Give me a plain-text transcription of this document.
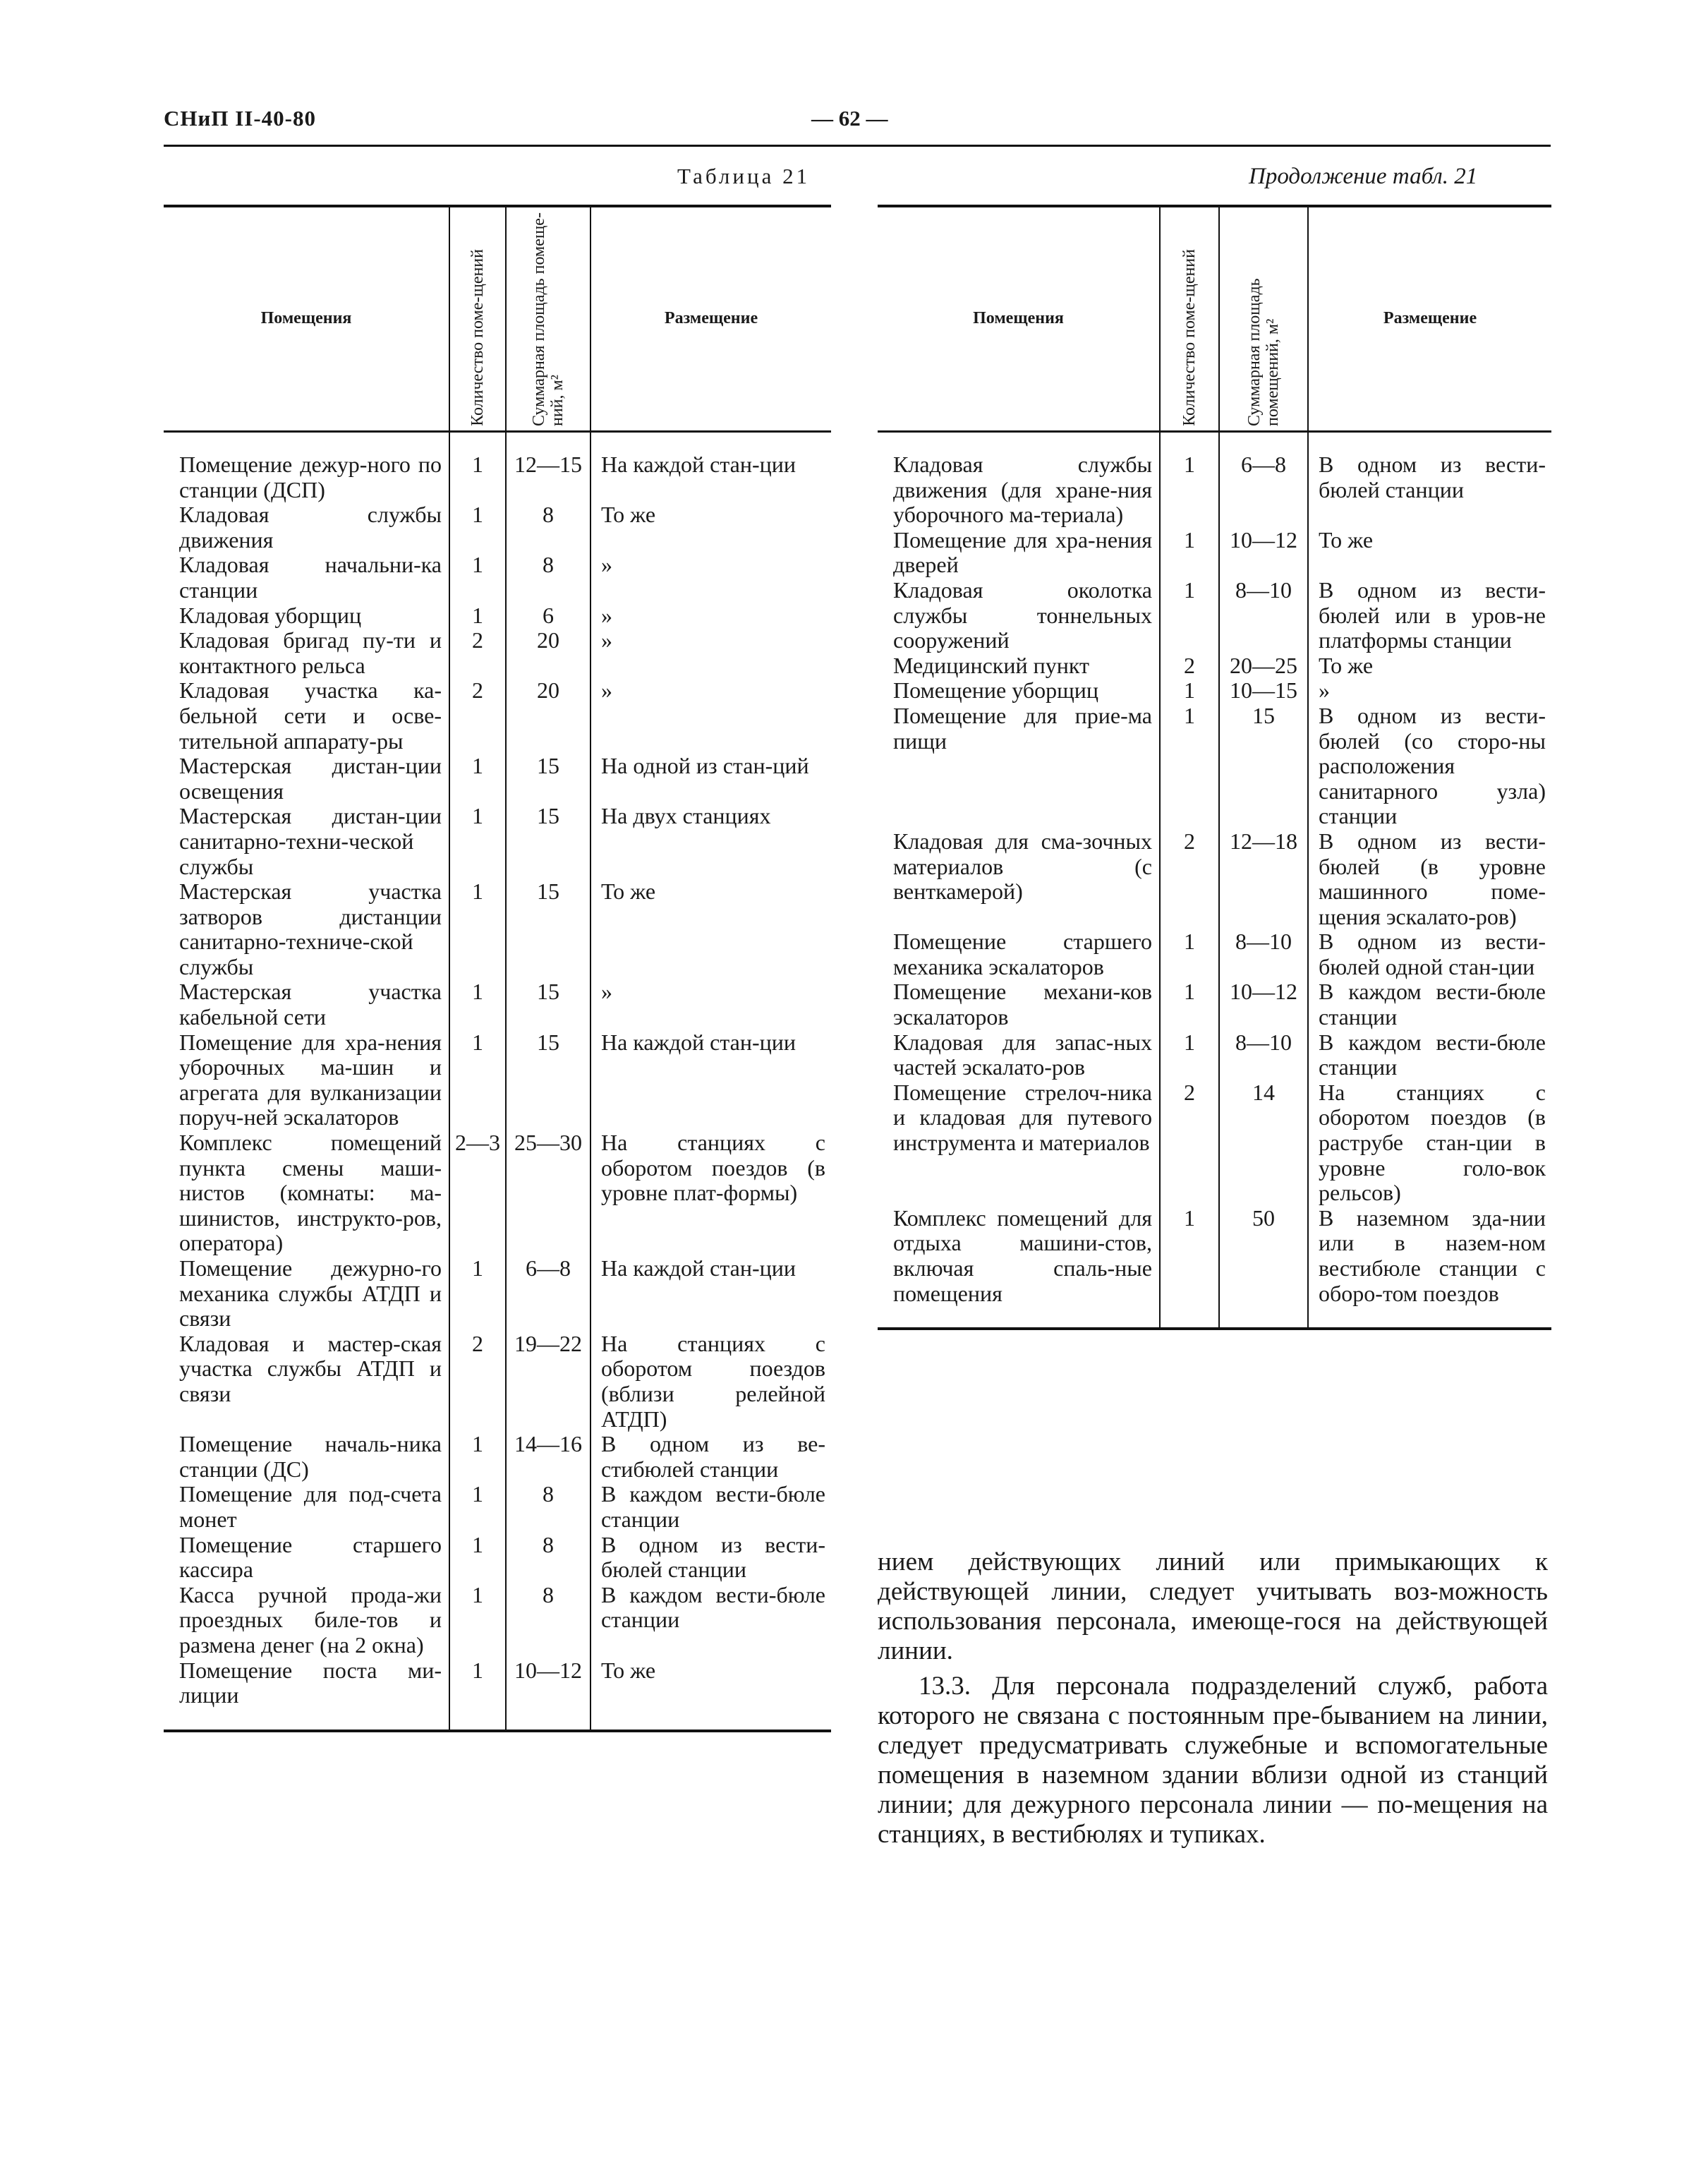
СНиП II-40-80	— 62 —
Таблица 21	Продолжение табл. 21
Помещения	Количество поме-щений	Суммарная площадь помеще-ний, м²	Размещение
Помещение дежур-ного по станции (ДСП)	1	12—15	На каждой стан-ции
Кладовая службы движения	1	8	То же
Кладовая начальни-ка станции	1	8	»
Кладовая уборщиц	1	6	»
Кладовая бригад пу-ти и контактного рельса	2	20	»
Кладовая участка ка-бельной сети и осве-тительной аппарату-ры	2	20	»
Мастерская дистан-ции освещения	1	15	На одной из стан-ций
Мастерская дистан-ции санитарно-техни-ческой службы	1	15	На двух станциях
Мастерская участка затворов дистанции санитарно-техниче-ской службы	1	15	То же
Мастерская участка кабельной сети	1	15	»
Помещение для хра-нения уборочных ма-шин и агрегата для вулканизации поруч-ней эскалаторов	1	15	На каждой стан-ции
Комплекс помещений пункта смены маши-нистов (комнаты: ма-шинистов, инструкто-ров, оператора)	2—3	25—30	На станциях с оборотом поездов (в уровне плат-формы)
Помещение дежурно-го механика службы АТДП и связи	1	6—8	На каждой стан-ции
Кладовая и мастер-ская участка службы АТДП и связи	2	19—22	На станциях с оборотом поездов (вблизи релейной АТДП)
Помещение началь-ника станции (ДС)	1	14—16	В одном из ве-стибюлей станции
Помещение для под-счета монет	1	8	В каждом вести-бюле станции
Помещение старшего кассира	1	8	В одном из вести-бюлей станции
Касса ручной прода-жи проездных биле-тов и размена денег (на 2 окна)	1	8	В каждом вести-бюле станции
Помещение поста ми-лиции	1	10—12	То же
Помещения	Количество поме-щений	Суммарная площадь помещений, м²	Размещение
Кладовая службы движения (для хране-ния уборочного ма-териала)	1	6—8	В одном из вести-бюлей станции
Помещение для хра-нения дверей	1	10—12	То же
Кладовая околотка службы тоннельных сооружений	1	8—10	В одном из вести-бюлей или в уров-не платформы станции
Медицинский пункт	2	20—25	То же
Помещение уборщиц	1	10—15	»
Помещение для прие-ма пищи	1	15	В одном из вести-бюлей (со сторо-ны расположения санитарного узла) станции
Кладовая для сма-зочных материалов (с венткамерой)	2	12—18	В одном из вести-бюлей (в уровне машинного поме-щения эскалато-ров)
Помещение старшего механика эскалаторов	1	8—10	В одном из вести-бюлей одной стан-ции
Помещение механи-ков эскалаторов	1	10—12	В каждом вести-бюле станции
Кладовая для запас-ных частей эскалато-ров	1	8—10	В каждом вести-бюле станции
Помещение стрелоч-ника и кладовая для путевого инструмента и материалов	2	14	На станциях с оборотом поездов (в раструбе стан-ции в уровне голо-вок рельсов)
Комплекс помещений для отдыха машини-стов, включая спаль-ные помещения	1	50	В наземном зда-нии или в назем-ном вестибюле станции с оборо-том поездов

нием действующих линий или примыкающих к действующей линии, следует учитывать воз-можность использования персонала, имеюще-гося на действующей линии.

13.3. Для персонала подразделений служб, работа которого не связана с постоянным пре-быванием на линии, следует предусматривать служебные и вспомогательные помещения в наземном здании вблизи одной из станций линии; для дежурного персонала линии — по-мещения на станциях, в вестибюлях и тупиках.
